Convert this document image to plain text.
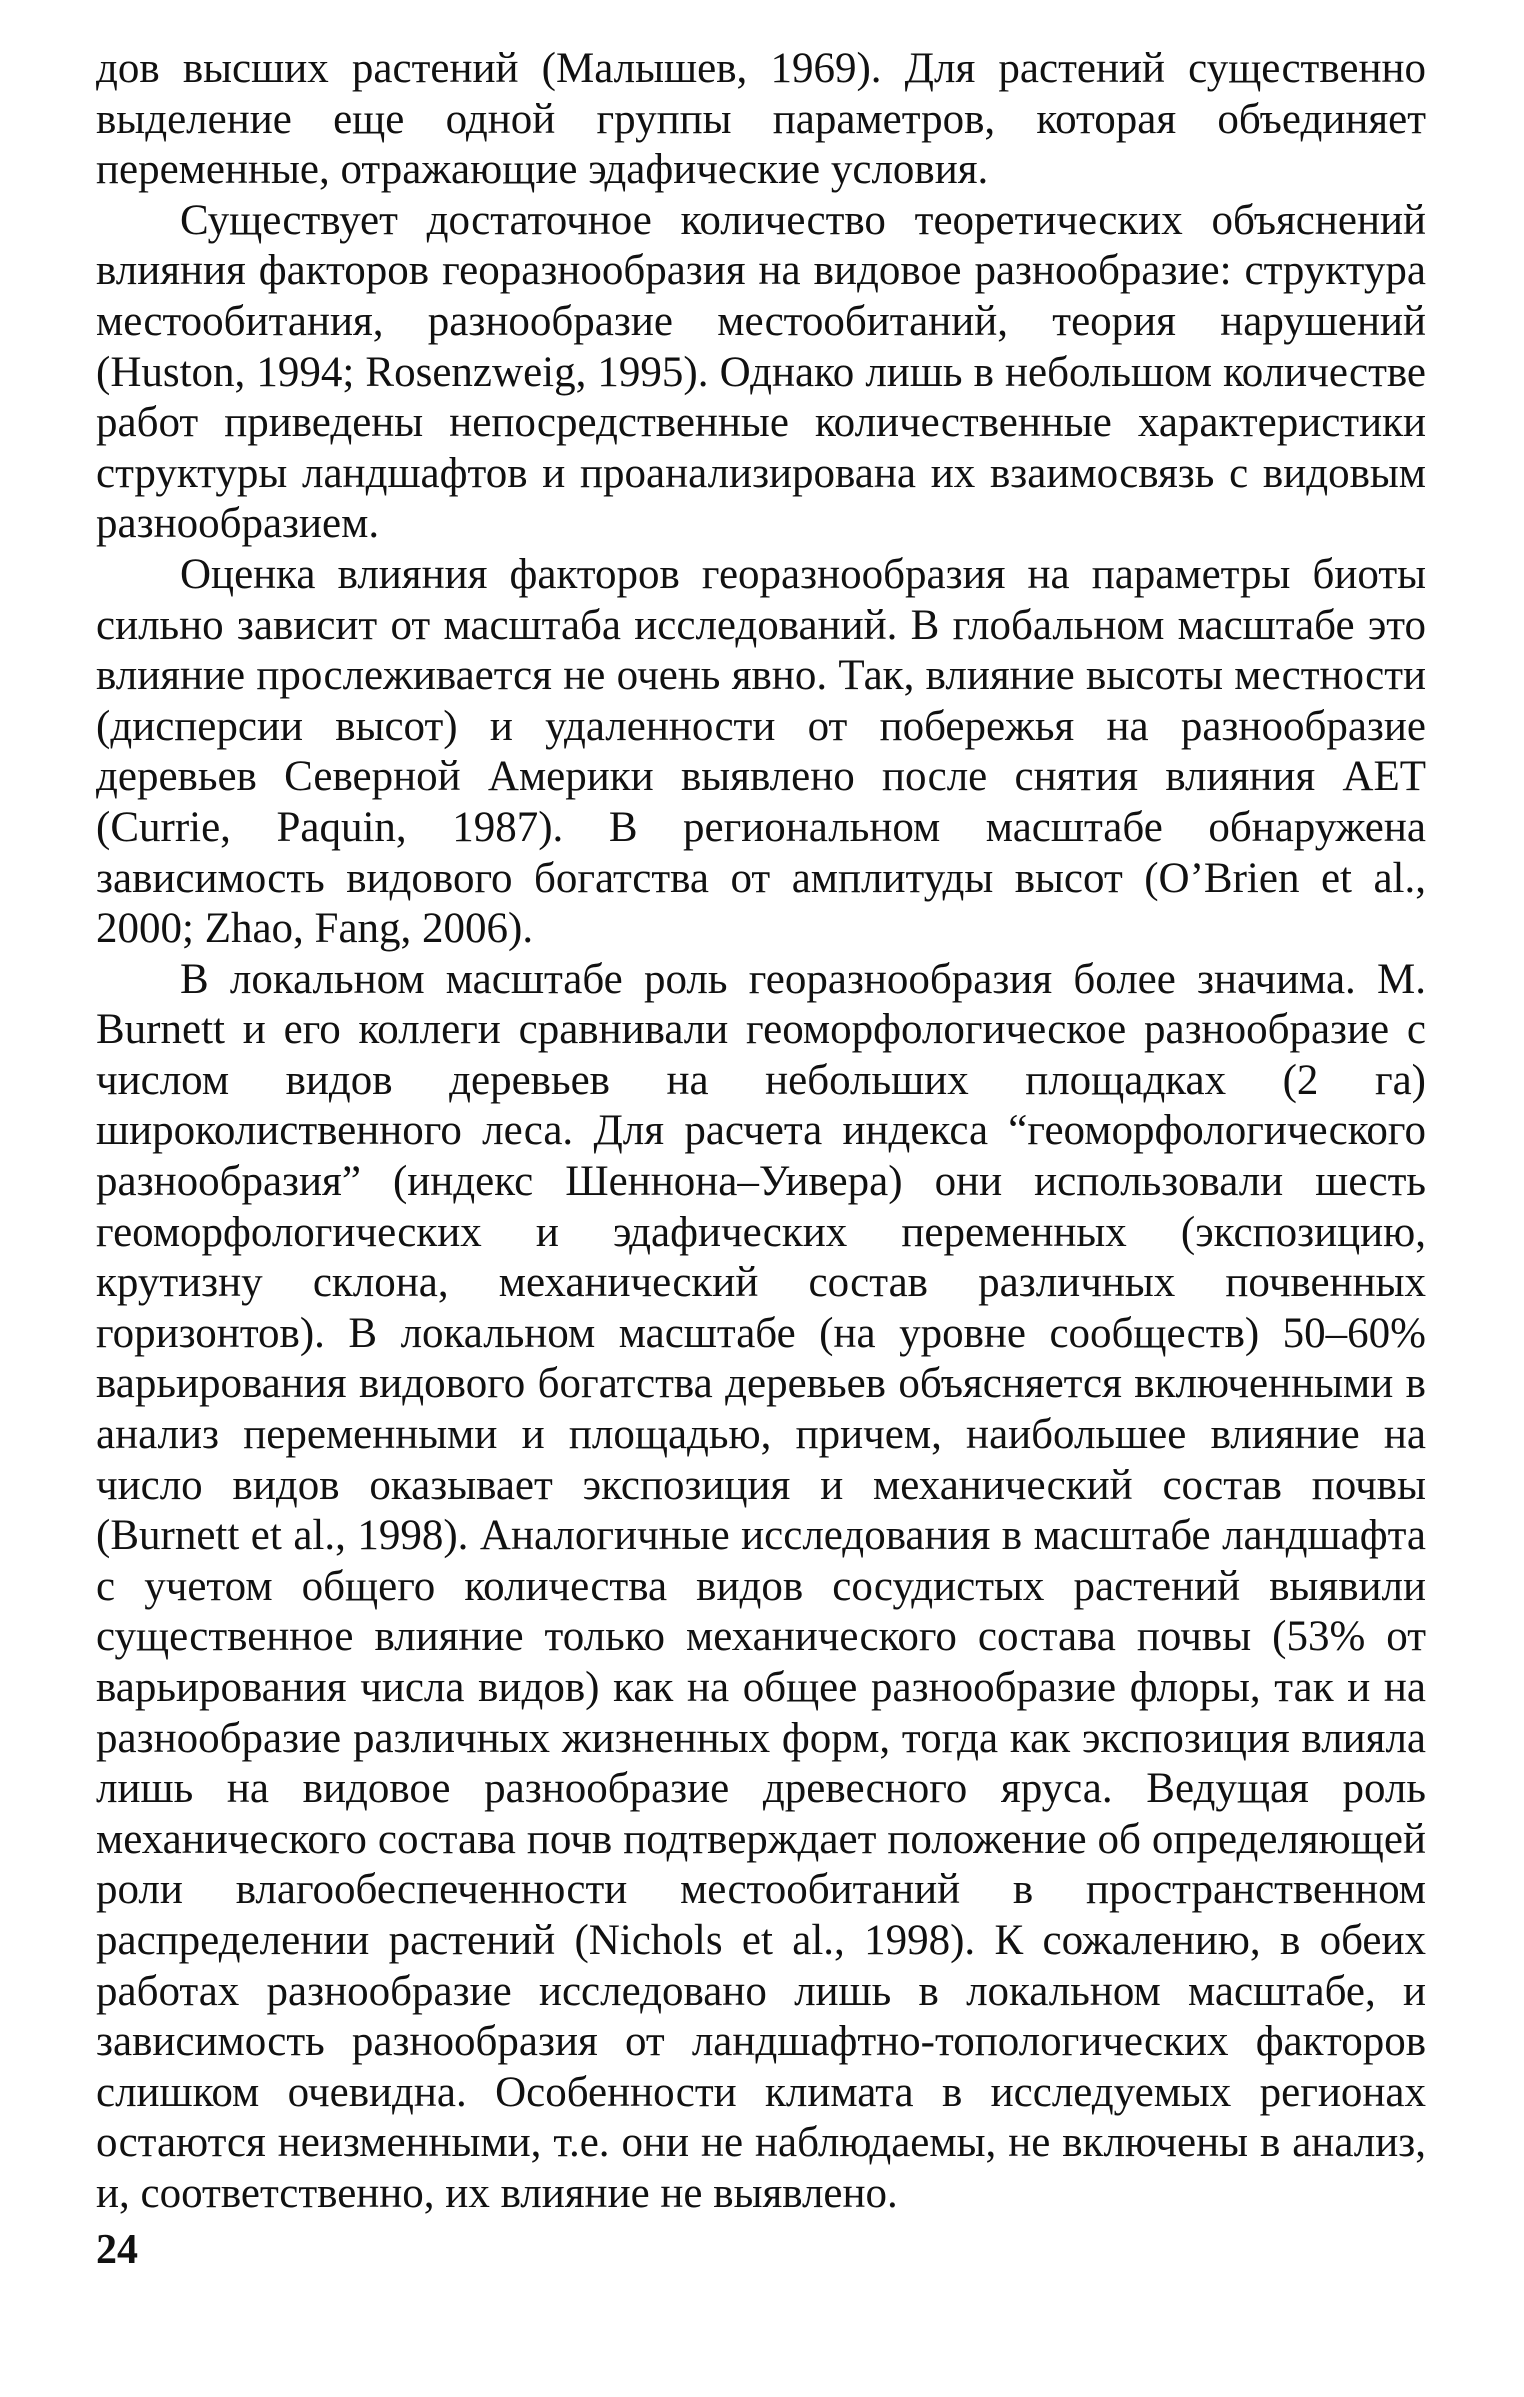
дов высших растений (Малышев, 1969). Для растений существенно выделение еще одной группы параметров, которая объединяет переменные, отражающие эдафические условия.

Существует достаточное количество теоретических объяснений влияния факторов георазнообразия на видовое разнообразие: структура местообитания, разнообразие местообитаний, теория нарушений (Huston, 1994; Rosenzweig, 1995). Однако лишь в небольшом количестве работ приведены непосредственные количественные характеристики структуры ландшафтов и проанализирована их взаимосвязь с видовым разнообразием.

Оценка влияния факторов георазнообразия на параметры биоты сильно зависит от масштаба исследований. В глобальном масштабе это влияние прослеживается не очень явно. Так, влияние высоты местности (дисперсии высот) и удаленности от побережья на разнообразие деревьев Северной Америки выявлено после снятия влияния AET (Currie, Paquin, 1987). В региональном масштабе обнаружена зависимость видового богатства от амплитуды высот (O’Brien et al., 2000; Zhao, Fang, 2006).

В локальном масштабе роль георазнообразия более значима. M. Burnett и его коллеги сравнивали геоморфологическое разнообразие с числом видов деревьев на небольших площадках (2 га) широколиственного леса. Для расчета индекса “геоморфологического разнообразия” (индекс Шеннона–Уивера) они использовали шесть геоморфологических и эдафических переменных (экспозицию, крутизну склона, механический состав различных почвенных горизонтов). В локальном масштабе (на уровне сообществ) 50–60% варьирования видового богатства деревьев объясняется включенными в анализ переменными и площадью, причем, наибольшее влияние на число видов оказывает экспозиция и механический состав почвы (Burnett et al., 1998). Аналогичные исследования в масштабе ландшафта с учетом общего количества видов сосудистых растений выявили существенное влияние только механического состава почвы (53% от варьирования числа видов) как на общее разнообразие флоры, так и на разнообразие различных жизненных форм, тогда как экспозиция влияла лишь на видовое разнообразие древесного яруса. Ведущая роль механического состава почв подтверждает положение об определяющей роли влагообеспеченности местообитаний в пространственном распределении растений (Nichols et al., 1998). К сожалению, в обеих работах разнообразие исследовано лишь в локальном масштабе, и зависимость разнообразия от ландшафтно-топологических факторов слишком очевидна. Особенности климата в исследуемых регионах остаются неизменными, т.е. они не наблюдаемы, не включены в анализ, и, соответственно, их влияние не выявлено.

24
